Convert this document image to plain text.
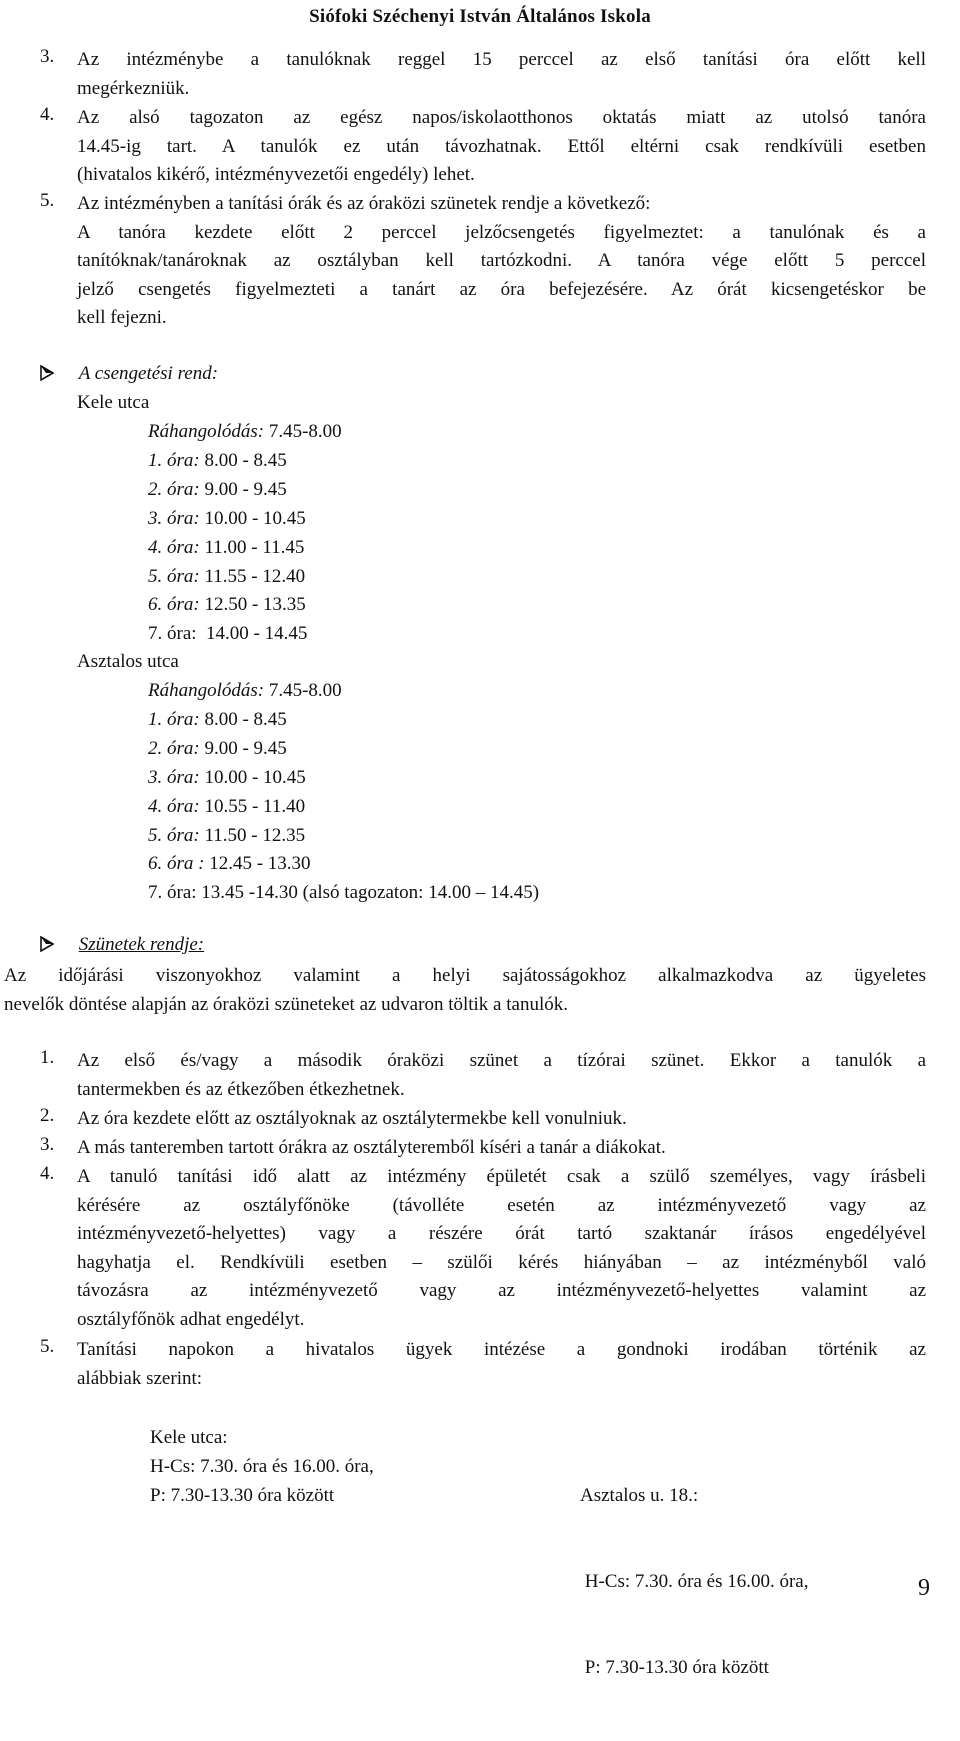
Siófoki Széchenyi István Általános Iskola
3. Az intézménybe a tanulóknak reggel 15 perccel az első tanítási óra előtt kell
megérkezniük.
4. Az alsó tagozaton az egész napos/iskolaotthonos oktatás miatt az utolsó tanóra
14.45-ig tart. A tanulók ez után távozhatnak. Ettől eltérni csak rendkívüli esetben
(hivatalos kikérő, intézményvezetői engedély) lehet.
5. Az intézményben a tanítási órák és az óraközi szünetek rendje a következő:
A tanóra kezdete előtt 2 perccel jelzőcsengetés figyelmeztet: a tanulónak és a
tanítóknak/tanároknak az osztályban kell tartózkodni. A tanóra vége előtt 5 perccel
jelző csengetés figyelmezteti a tanárt az óra befejezésére. Az órát kicsengetéskor be
kell fejezni.
A csengetési rend:
Kele utca
Ráhangolódás: 7.45-8.00
1. óra: 8.00 - 8.45
2. óra: 9.00 - 9.45
3. óra: 10.00 - 10.45
4. óra: 11.00 - 11.45
5. óra: 11.55 - 12.40
6. óra: 12.50 - 13.35
7. óra:  14.00 - 14.45
Asztalos utca
Ráhangolódás: 7.45-8.00
1. óra: 8.00 - 8.45
2. óra: 9.00 - 9.45
3. óra: 10.00 - 10.45
4. óra: 10.55 - 11.40
5. óra: 11.50 - 12.35
6. óra : 12.45 - 13.30
7. óra: 13.45 -14.30 (alsó tagozaton: 14.00 – 14.45)
Szünetek rendje:
Az időjárási viszonyokhoz valamint a helyi sajátosságokhoz alkalmazkodva az ügyeletes
nevelők döntése alapján az óraközi szüneteket az udvaron töltik a tanulók.
1. Az első és/vagy a második óraközi szünet a tízórai szünet. Ekkor a tanulók a
tantermekben és az étkezőben étkezhetnek.
2. Az óra kezdete előtt az osztályoknak az osztálytermekbe kell vonulniuk.
3. A más tanteremben tartott órákra az osztályteremből kíséri a tanár a diákokat.
4. A tanuló tanítási idő alatt az intézmény épületét csak a szülő személyes, vagy írásbeli
kérésére az osztályfőnöke (távolléte esetén az intézményvezető vagy az
intézményvezető-helyettes) vagy a részére órát tartó szaktanár írásos engedélyével
hagyhatja el. Rendkívüli esetben – szülői kérés hiányában – az intézményből való
távozásra az intézményvezető vagy az intézményvezető-helyettes valamint az
osztályfőnök adhat engedélyt.
5. Tanítási napokon a hivatalos ügyek intézése a gondnoki irodában történik az
alábbiak szerint:
Kele utca:
H-Cs: 7.30. óra és 16.00. óra,
P: 7.30-13.30 óra között

	Asztalos u. 18.:

H-Cs: 7.30. óra és 16.00. óra,

P: 7.30-13.30 óra között

9
